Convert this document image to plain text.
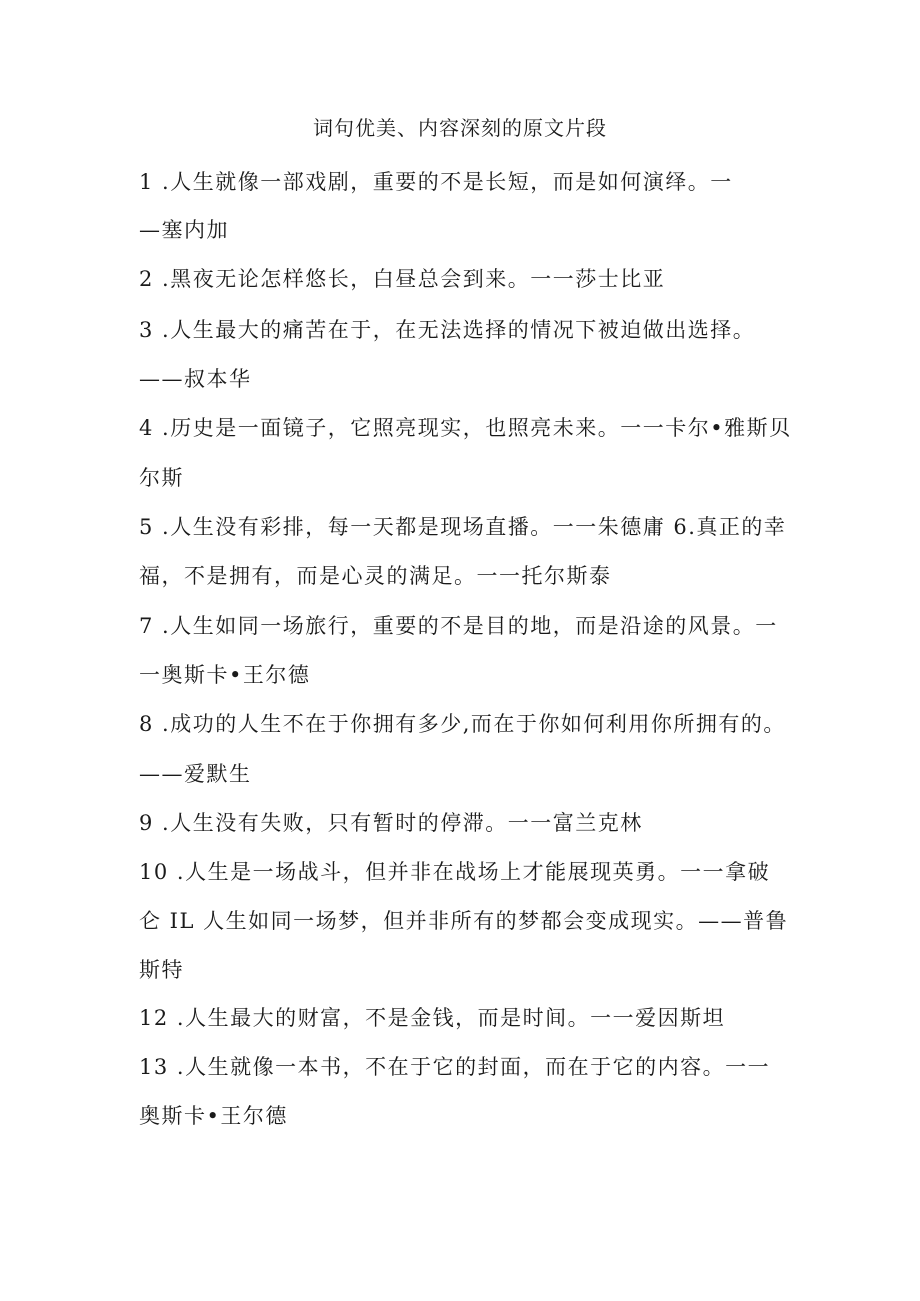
词句优美、内容深刻的原文片段
1 .人生就像一部戏剧，重要的不是长短，而是如何演绎。一
—塞内加
2 .黑夜无论怎样悠长，白昼总会到来。一一莎士比亚
3 .人生最大的痛苦在于，在无法选择的情况下被迫做出选择。
——叔本华
4 .历史是一面镜子，它照亮现实，也照亮未来。一一卡尔•雅斯贝
尔斯
5 .人生没有彩排，每一天都是现场直播。一一朱德庸 6.真正的幸
福，不是拥有，而是心灵的满足。一一托尔斯泰
7 .人生如同一场旅行，重要的不是目的地，而是沿途的风景。一
一奥斯卡•王尔德
8 .成功的人生不在于你拥有多少,而在于你如何利用你所拥有的。
——爱默生
9 .人生没有失败，只有暂时的停滞。一一富兰克林
10 .人生是一场战斗，但并非在战场上才能展现英勇。一一拿破
仑 IL 人生如同一场梦，但并非所有的梦都会变成现实。——普鲁
斯特
12 .人生最大的财富，不是金钱，而是时间。一一爱因斯坦
13 .人生就像一本书，不在于它的封面，而在于它的内容。一一
奥斯卡•王尔德
